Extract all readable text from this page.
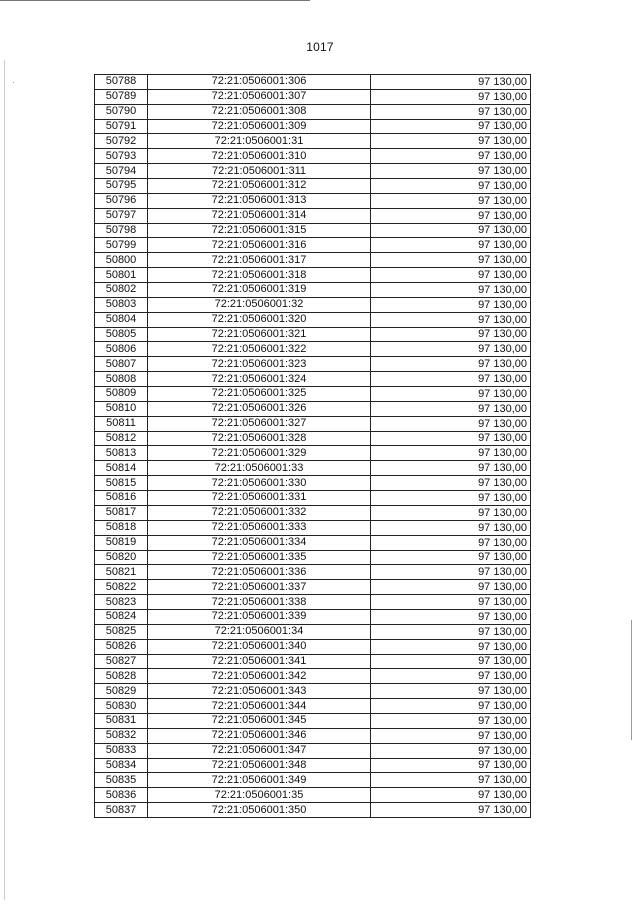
·
1017
50788	72:21:0506001:306	97 130,00
50789	72:21:0506001:307	97 130,00
50790	72:21:0506001:308	97 130,00
50791	72:21:0506001:309	97 130,00
50792	72:21:0506001:31	97 130,00
50793	72:21:0506001:310	97 130,00
50794	72:21:0506001:311	97 130,00
50795	72:21:0506001:312	97 130,00
50796	72:21:0506001:313	97 130,00
50797	72:21:0506001:314	97 130,00
50798	72:21:0506001:315	97 130,00
50799	72:21:0506001:316	97 130,00
50800	72:21:0506001:317	97 130,00
50801	72:21:0506001:318	97 130,00
50802	72:21:0506001:319	97 130,00
50803	72:21:0506001:32	97 130,00
50804	72:21:0506001:320	97 130,00
50805	72:21:0506001:321	97 130,00
50806	72:21:0506001:322	97 130,00
50807	72:21:0506001:323	97 130,00
50808	72:21:0506001:324	97 130,00
50809	72:21:0506001:325	97 130,00
50810	72:21:0506001:326	97 130,00
50811	72:21:0506001:327	97 130,00
50812	72:21:0506001:328	97 130,00
50813	72:21:0506001:329	97 130,00
50814	72:21:0506001:33	97 130,00
50815	72:21:0506001:330	97 130,00
50816	72:21:0506001:331	97 130,00
50817	72:21:0506001:332	97 130,00
50818	72:21:0506001:333	97 130,00
50819	72:21:0506001:334	97 130,00
50820	72:21:0506001:335	97 130,00
50821	72:21:0506001:336	97 130,00
50822	72:21:0506001:337	97 130,00
50823	72:21:0506001:338	97 130,00
50824	72:21:0506001:339	97 130,00
50825	72:21:0506001:34	97 130,00
50826	72:21:0506001:340	97 130,00
50827	72:21:0506001:341	97 130,00
50828	72:21:0506001:342	97 130,00
50829	72:21:0506001:343	97 130,00
50830	72:21:0506001:344	97 130,00
50831	72:21:0506001:345	97 130,00
50832	72:21:0506001:346	97 130,00
50833	72:21:0506001:347	97 130,00
50834	72:21:0506001:348	97 130,00
50835	72:21:0506001:349	97 130,00
50836	72:21:0506001:35	97 130,00
50837	72:21:0506001:350	97 130,00
